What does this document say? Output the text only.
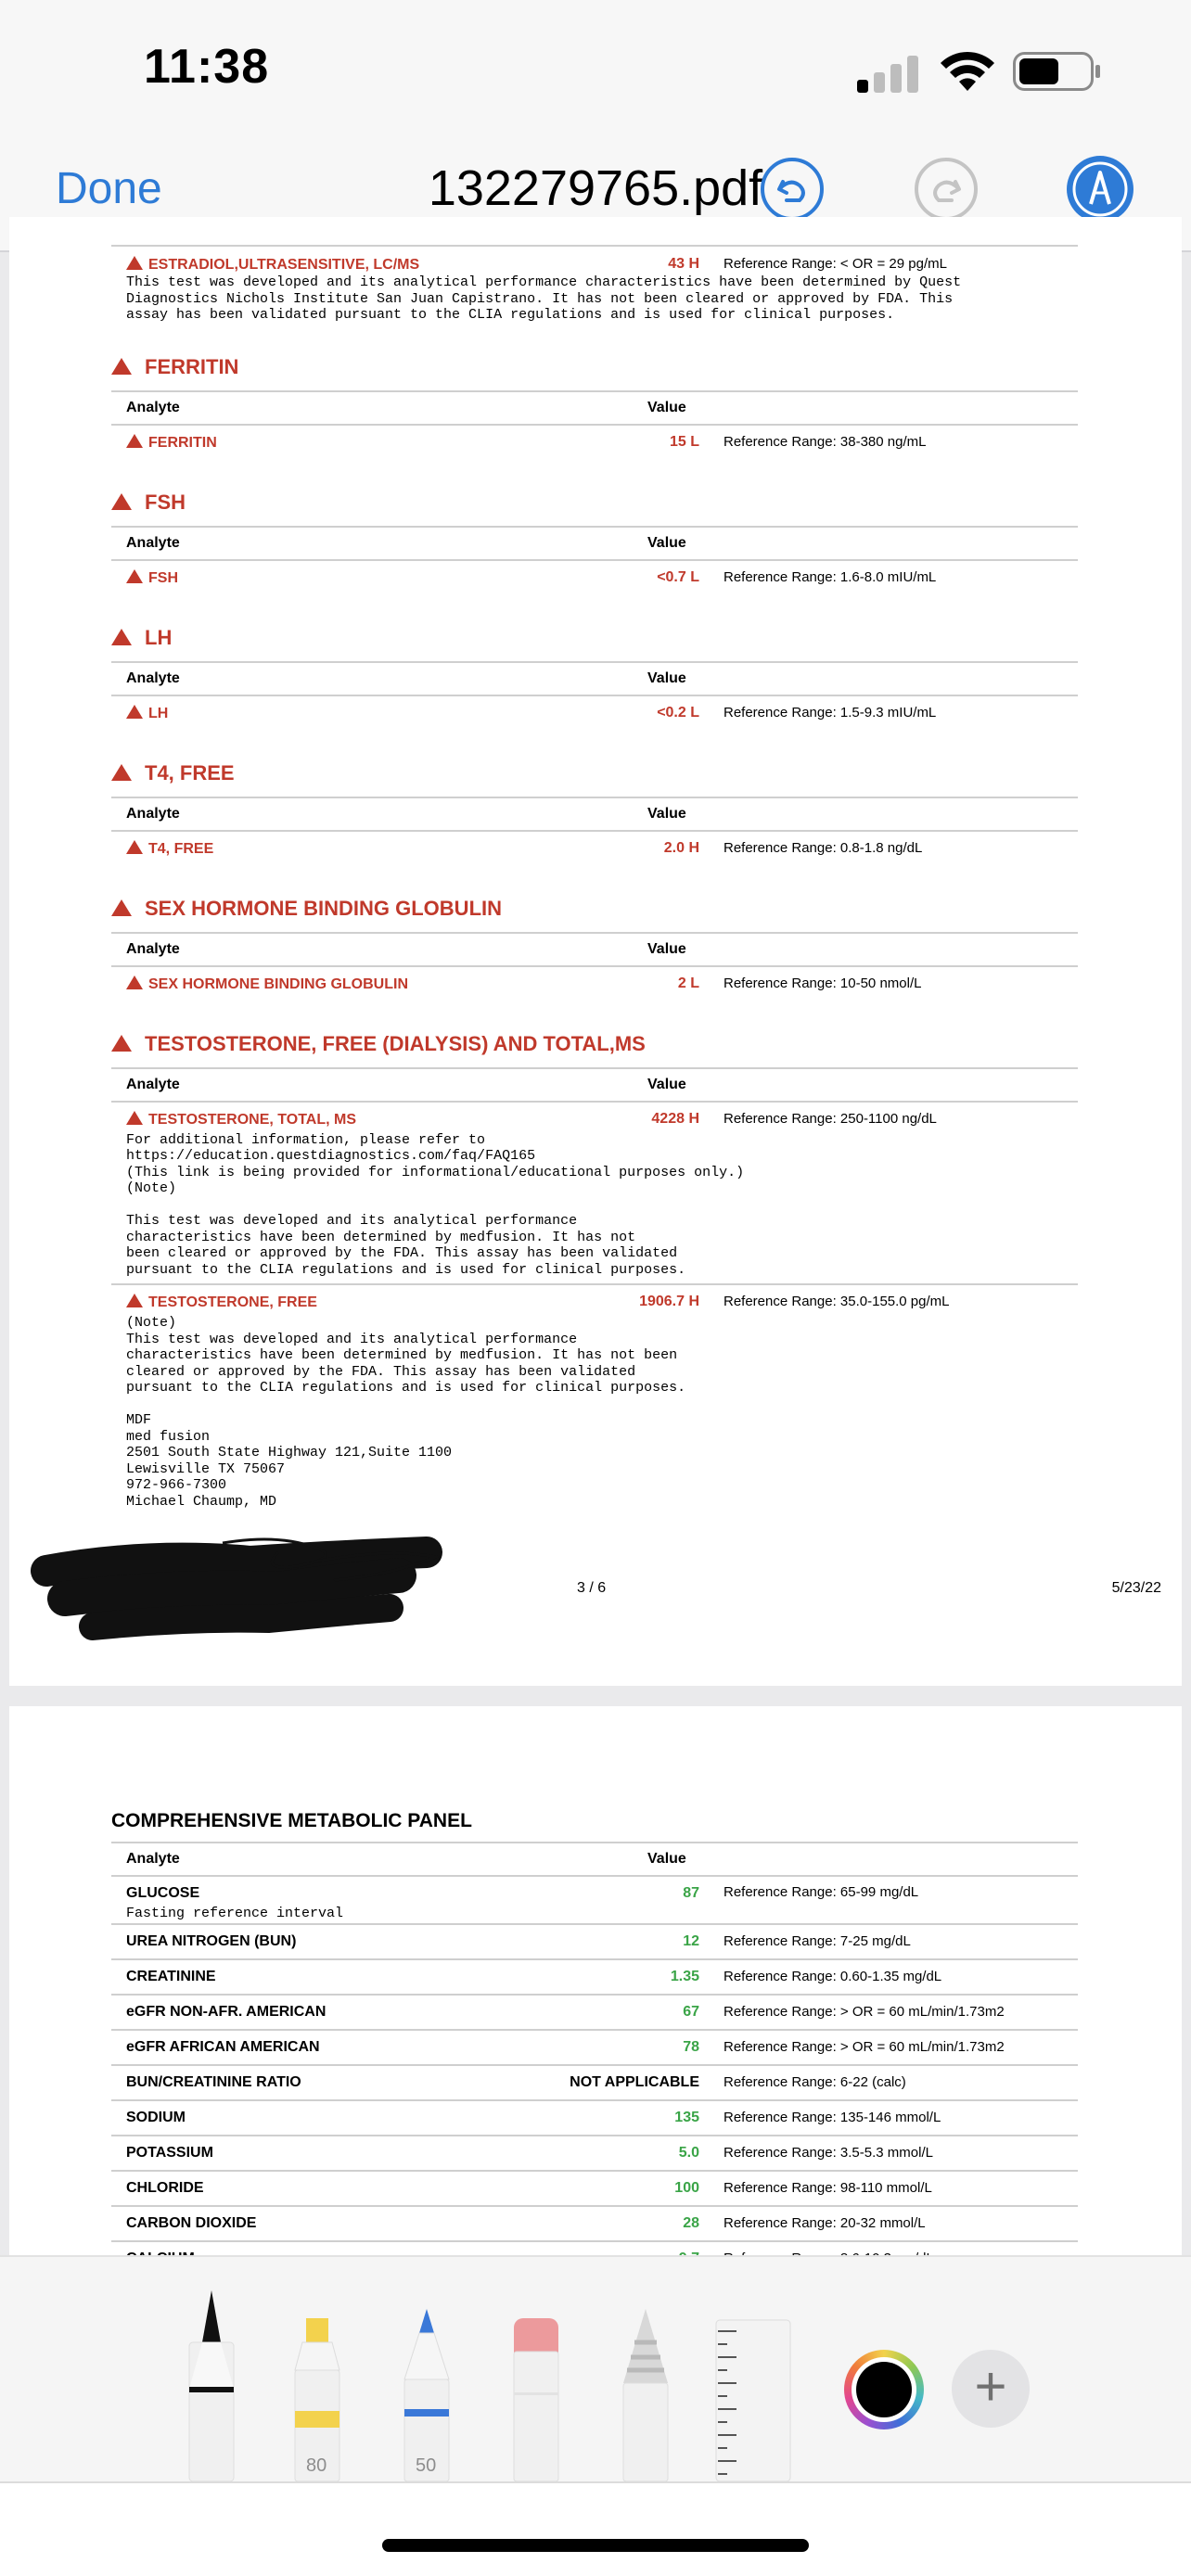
11:38
Done	132279765.pdf
ESTRADIOL,ULTRASENSITIVE, LC/MS	43 H Reference Range: < OR = 29 pg/mL
This test was developed and its analytical performance characteristics have been determined by Quest
Diagnostics Nichols Institute San Juan Capistrano. It has not been cleared or approved by FDA. This
assay has been validated pursuant to the CLIA regulations and is used for clinical purposes.
FERRITIN
Analyte	Value
FERRITIN	15 L Reference Range: 38-380 ng/mL
FSH
Analyte	Value
FSH	<0.7 L Reference Range: 1.6-8.0 mIU/mL
LH
Analyte	Value
LH	<0.2 L Reference Range: 1.5-9.3 mIU/mL
T4, FREE
Analyte	Value
T4, FREE	2.0 H Reference Range: 0.8-1.8 ng/dL
SEX HORMONE BINDING GLOBULIN
Analyte	Value
SEX HORMONE BINDING GLOBULIN	2 L Reference Range: 10-50 nmol/L
TESTOSTERONE, FREE (DIALYSIS) AND TOTAL,MS
Analyte	Value
TESTOSTERONE, TOTAL, MS	4228 H Reference Range: 250-1100 ng/dL
For additional information, please refer to
https://education.questdiagnostics.com/faq/FAQ165
(This link is being provided for informational/educational purposes only.)
(Note)

This test was developed and its analytical performance
characteristics have been determined by medfusion. It has not
been cleared or approved by the FDA. This assay has been validated
pursuant to the CLIA regulations and is used for clinical purposes.
TESTOSTERONE, FREE	1906.7 H Reference Range: 35.0-155.0 pg/mL
(Note)
This test was developed and its analytical performance
characteristics have been determined by medfusion. It has not been
cleared or approved by the FDA. This assay has been validated
pursuant to the CLIA regulations and is used for clinical purposes.

MDF
med fusion
2501 South State Highway 121,Suite 1100
Lewisville TX 75067
972-966-7300
Michael Chaump, MD
3 / 6	5/23/22
COMPREHENSIVE METABOLIC PANEL
Analyte	Value
GLUCOSE	87 Reference Range: 65-99 mg/dL
Fasting reference interval
UREA NITROGEN (BUN)	12 Reference Range: 7-25 mg/dL
CREATININE	1.35 Reference Range: 0.60-1.35 mg/dL
eGFR NON-AFR. AMERICAN	67 Reference Range: > OR = 60 mL/min/1.73m2
eGFR AFRICAN AMERICAN	78 Reference Range: > OR = 60 mL/min/1.73m2
BUN/CREATININE RATIO	NOT APPLICABLE Reference Range: 6-22 (calc)
SODIUM	135 Reference Range: 135-146 mmol/L
POTASSIUM	5.0 Reference Range: 3.5-5.3 mmol/L
CHLORIDE	100 Reference Range: 98-110 mmol/L
CARBON DIOXIDE	28 Reference Range: 20-32 mmol/L
80	50
+
